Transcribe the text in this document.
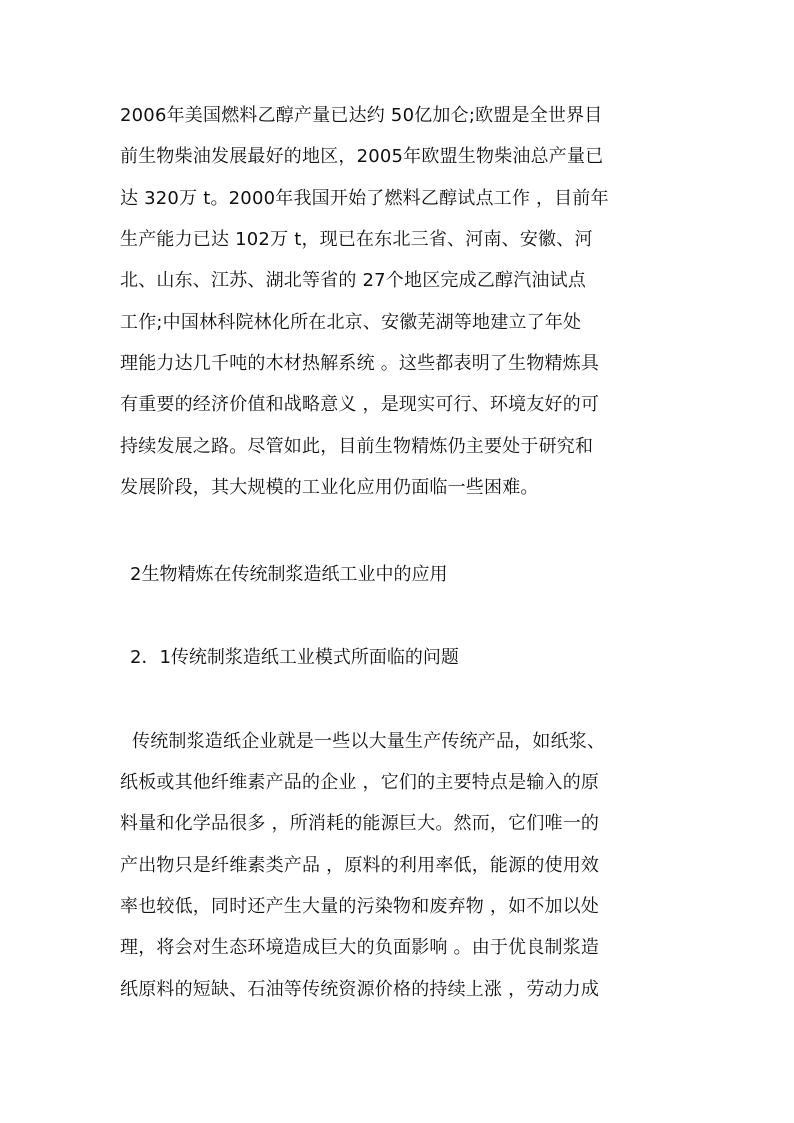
2006年美国燃料乙醇产量已达约 50亿加仑;欧盟是全世界目
前生物柴油发展最好的地区，2005年欧盟生物柴油总产量已
达 320万 t。2000年我国开始了燃料乙醇试点工作 ，目前年
生产能力已达 102万 t，现已在东北三省、河南、安徽、河
北、山东、江苏、湖北等省的 27个地区完成乙醇汽油试点
工作;中国林科院林化所在北京、安徽芜湖等地建立了年处
理能力达几千吨的木材热解系统 。这些都表明了生物精炼具
有重要的经济价值和战略意义 ，是现实可行、环境友好的可
持续发展之路。尽管如此，目前生物精炼仍主要处于研究和
发展阶段，其大规模的工业化应用仍面临一些困难。
2生物精炼在传统制浆造纸工业中的应用
2．1传统制浆造纸工业模式所面临的问题
传统制浆造纸企业就是一些以大量生产传统产品，如纸浆、
纸板或其他纤维素产品的企业 ，它们的主要特点是输入的原
料量和化学品很多 ，所消耗的能源巨大。然而，它们唯一的
产出物只是纤维素类产品 ，原料的利用率低，能源的使用效
率也较低，同时还产生大量的污染物和废弃物 ，如不加以处
理，将会对生态环境造成巨大的负面影响 。由于优良制浆造
纸原料的短缺、石油等传统资源价格的持续上涨 ，劳动力成
